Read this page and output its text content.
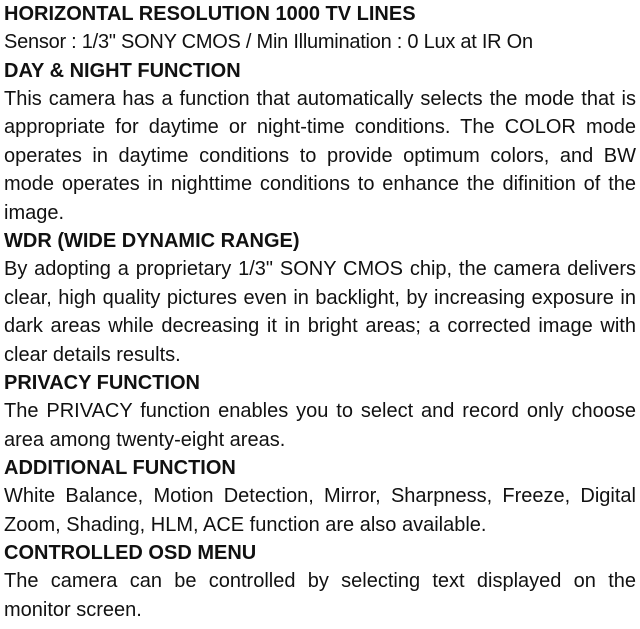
HORIZONTAL RESOLUTION 1000 TV LINES
Sensor : 1/3" SONY CMOS / Min Illumination : 0 Lux at IR On
DAY & NIGHT FUNCTION
This camera has a function that automatically selects the mode that is appropriate for daytime or night-time conditions. The COLOR mode operates in daytime conditions to provide optimum colors, and BW mode operates in nighttime conditions to enhance the difinition of the image.
WDR (WIDE DYNAMIC RANGE)
By adopting a proprietary 1/3" SONY CMOS chip, the camera delivers clear, high quality pictures even in backlight, by increasing exposure in dark areas while decreasing it in bright areas; a corrected image with clear details results.
PRIVACY FUNCTION
The PRIVACY function enables you to select and record only choose area among twenty-eight areas.
ADDITIONAL FUNCTION
White Balance, Motion Detection, Mirror, Sharpness, Freeze, Digital Zoom, Shading, HLM, ACE function are also available.
CONTROLLED OSD MENU
The camera can be controlled by selecting text displayed on the monitor screen.
